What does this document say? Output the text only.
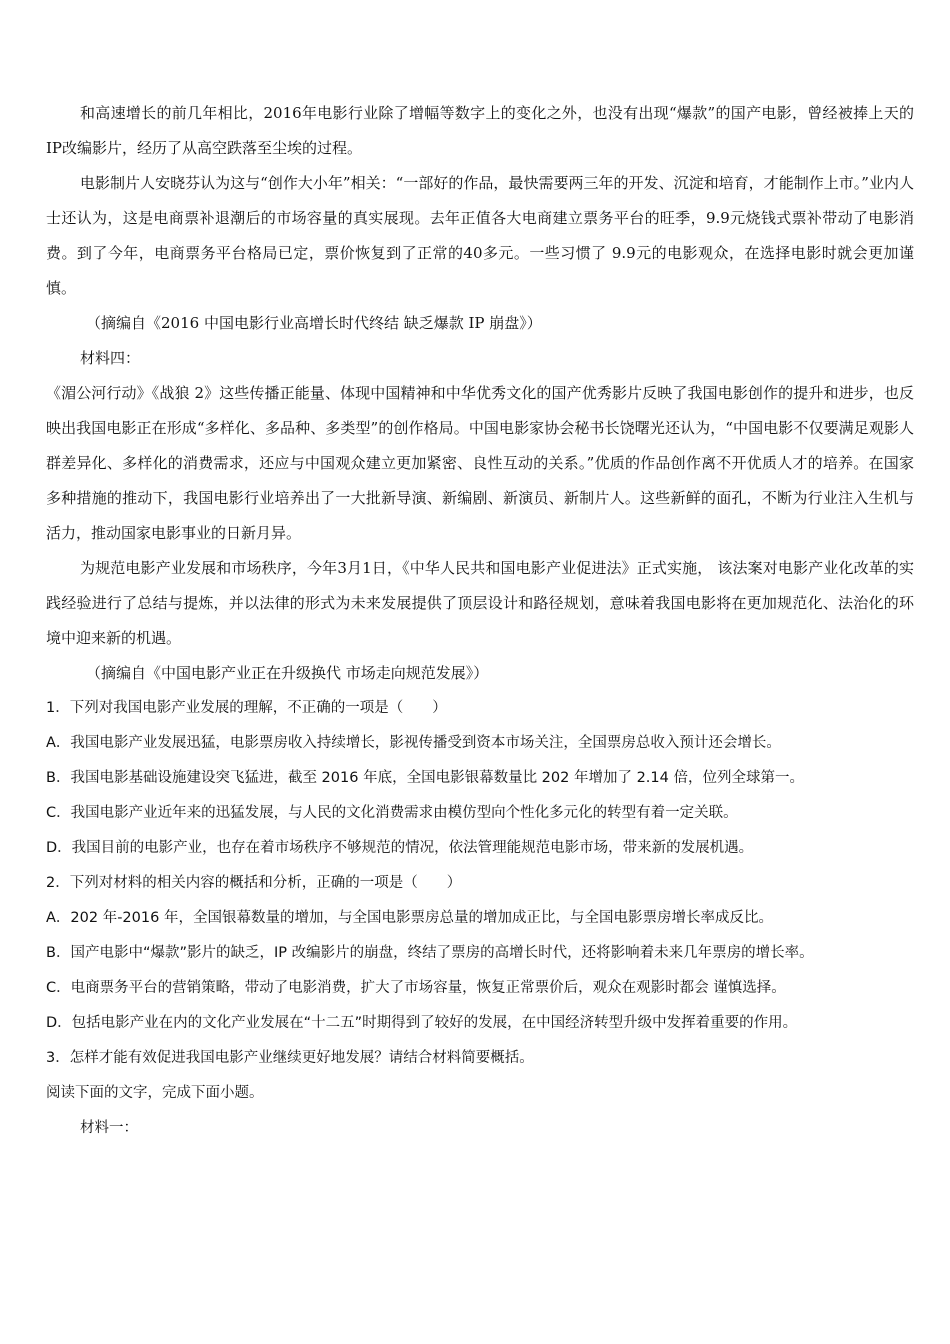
和高速增长的前几年相比，2016年电影行业除了增幅等数字上的变化之外，也没有出现“爆款”的国产电影，曾经被捧上天的IP改编影片，经历了从高空跌落至尘埃的过程。

电影制片人安晓芬认为这与“创作大小年”相关：“一部好的作品，最快需要两三年的开发、沉淀和培育，才能制作上市。”业内人士还认为，这是电商票补退潮后的市场容量的真实展现。去年正值各大电商建立票务平台的旺季，9.9元烧钱式票补带动了电影消费。到了今年，电商票务平台格局已定，票价恢复到了正常的40多元。一些习惯了 9.9元的电影观众，在选择电影时就会更加谨慎。

（摘编自《2016 中国电影行业高增长时代终结 缺乏爆款 IP 崩盘》）

材料四：

《湄公河行动》《战狼 2》这些传播正能量、体现中国精神和中华优秀文化的国产优秀影片反映了我国电影创作的提升和进步，也反映出我国电影正在形成“多样化、多品种、多类型”的创作格局。中国电影家协会秘书长饶曙光还认为，“中国电影不仅要满足观影人群差异化、多样化的消费需求，还应与中国观众建立更加紧密、良性互动的关系。”优质的作品创作离不开优质人才的培养。在国家多种措施的推动下，我国电影行业培养出了一大批新导演、新编剧、新演员、新制片人。这些新鲜的面孔，不断为行业注入生机与活力，推动国家电影事业的日新月异。

为规范电影产业发展和市场秩序，今年3月1日，《中华人民共和国电影产业促进法》正式实施， 该法案对电影产业化改革的实践经验进行了总结与提炼，并以法律的形式为未来发展提供了顶层设计和路径规划，意味着我国电影将在更加规范化、法治化的环境中迎来新的机遇。

（摘编自《中国电影产业正在升级换代 市场走向规范发展》）

1．下列对我国电影产业发展的理解，不正确的一项是（　　）

A．我国电影产业发展迅猛，电影票房收入持续增长，影视传播受到资本市场关注，全国票房总收入预计还会增长。

B．我国电影基础设施建设突飞猛进，截至 2016 年底，全国电影银幕数量比 202 年增加了 2.14 倍，位列全球第一。

C．我国电影产业近年来的迅猛发展，与人民的文化消费需求由模仿型向个性化多元化的转型有着一定关联。

D．我国目前的电影产业，也存在着市场秩序不够规范的情况，依法管理能规范电影市场，带来新的发展机遇。

2．下列对材料的相关内容的概括和分析，正确的一项是（　　）

A．202 年-2016 年，全国银幕数量的增加，与全国电影票房总量的增加成正比，与全国电影票房增长率成反比。

B．国产电影中“爆款”影片的缺乏，IP 改编影片的崩盘，终结了票房的高增长时代，还将影响着未来几年票房的增长率。

C．电商票务平台的营销策略，带动了电影消费，扩大了市场容量，恢复正常票价后，观众在观影时都会 谨慎选择。

D．包括电影产业在内的文化产业发展在“十二五”时期得到了较好的发展，在中国经济转型升级中发挥着重要的作用。

3．怎样才能有效促进我国电影产业继续更好地发展？请结合材料简要概括。

阅读下面的文字，完成下面小题。

材料一：
